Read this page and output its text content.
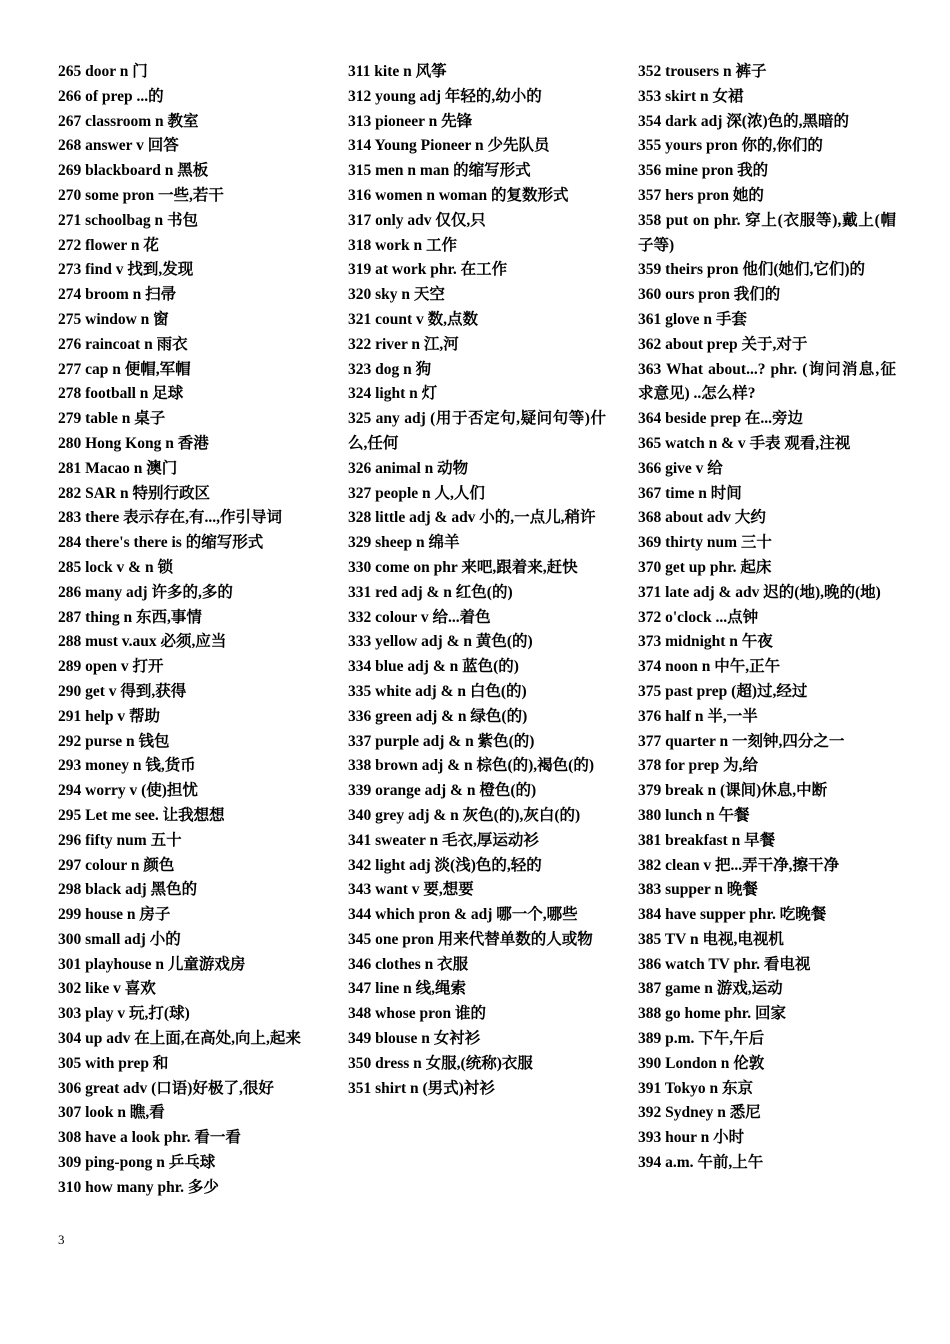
265 door n 门
266 of prep ...的
267 classroom n 教室
268 answer v 回答
269 blackboard n 黑板
270 some pron 一些,若干
271 schoolbag n 书包
272 flower n 花
273 find v 找到,发现
274 broom n 扫帚
275 window n 窗
276 raincoat n 雨衣
277 cap n 便帽,军帽
278 football n 足球
279 table n 桌子
280 Hong Kong n 香港
281 Macao n 澳门
282 SAR n 特别行政区
283 there 表示存在,有...,作引导词
284 there's there is 的缩写形式
285 lock v & n 锁
286 many adj 许多的,多的
287 thing n 东西,事情
288 must v.aux 必须,应当
289 open v 打开
290 get v 得到,获得
291 help v 帮助
292 purse n 钱包
293 money n 钱,货币
294 worry v (使)担忧
295 Let me see. 让我想想
296 fifty num 五十
297 colour n 颜色
298 black adj 黑色的
299 house n 房子
300 small adj 小的
301 playhouse n 儿童游戏房
302 like v 喜欢
303 play v 玩,打(球)
304 up adv 在上面,在高处,向上,起来
305 with prep 和
306 great adv (口语)好极了,很好
307 look n 瞧,看
308 have a look phr. 看一看
309 ping-pong n 乒乓球
310 how many phr. 多少
311 kite n 风筝
312 young adj 年轻的,幼小的
313 pioneer n 先锋
314 Young Pioneer n 少先队员
315 men n man 的缩写形式
316 women n woman 的复数形式
317 only adv 仅仅,只
318 work n 工作
319 at work phr. 在工作
320 sky n 天空
321 count v 数,点数
322 river n 江,河
323 dog n 狗
324 light n 灯
325 any adj (用于否定句,疑问句等)什么,任何
326 animal n 动物
327 people n 人,人们
328 little adj & adv 小的,一点儿,稍许
329 sheep n 绵羊
330 come on phr 来吧,跟着来,赶快
331 red adj & n 红色(的)
332 colour v 给...着色
333 yellow adj & n 黄色(的)
334 blue adj & n 蓝色(的)
335 white adj & n 白色(的)
336 green adj & n 绿色(的)
337 purple adj & n 紫色(的)
338 brown adj & n 棕色(的),褐色(的)
339 orange adj & n 橙色(的)
340 grey adj & n 灰色(的),灰白(的)
341 sweater n 毛衣,厚运动衫
342 light adj 淡(浅)色的,轻的
343 want v 要,想要
344 which pron & adj 哪一个,哪些
345 one pron 用来代替单数的人或物
346 clothes n 衣服
347 line n 线,绳索
348 whose pron 谁的
349 blouse n 女衬衫
350 dress n 女服,(统称)衣服
351 shirt n (男式)衬衫
352 trousers n 裤子
353 skirt n 女裙
354 dark adj 深(浓)色的,黑暗的
355 yours pron 你的,你们的
356 mine pron 我的
357 hers pron 她的
358 put on phr. 穿上(衣服等),戴上(帽子等)
359 theirs pron 他们(她们,它们)的
360 ours pron 我们的
361 glove n 手套
362 about prep 关于,对于
363 What about...? phr. (询问消息,征求意见) ..怎么样?
364 beside prep 在...旁边
365 watch n & v 手表 观看,注视
366 give v 给
367 time n 时间
368 about adv 大约
369 thirty num 三十
370 get up phr. 起床
371 late adj & adv 迟的(地),晚的(地)
372 o'clock ...点钟
373 midnight n 午夜
374 noon n 中午,正午
375 past prep (超)过,经过
376 half n 半,一半
377 quarter n 一刻钟,四分之一
378 for prep 为,给
379 break n (课间)休息,中断
380 lunch n 午餐
381 breakfast n 早餐
382 clean v 把...弄干净,擦干净
383 supper n 晚餐
384 have supper phr. 吃晚餐
385 TV n 电视,电视机
386 watch TV phr. 看电视
387 game n 游戏,运动
388 go home phr. 回家
389 p.m. 下午,午后
390 London n 伦敦
391 Tokyo n 东京
392 Sydney n 悉尼
393 hour n 小时
394 a.m. 午前,上午
3
